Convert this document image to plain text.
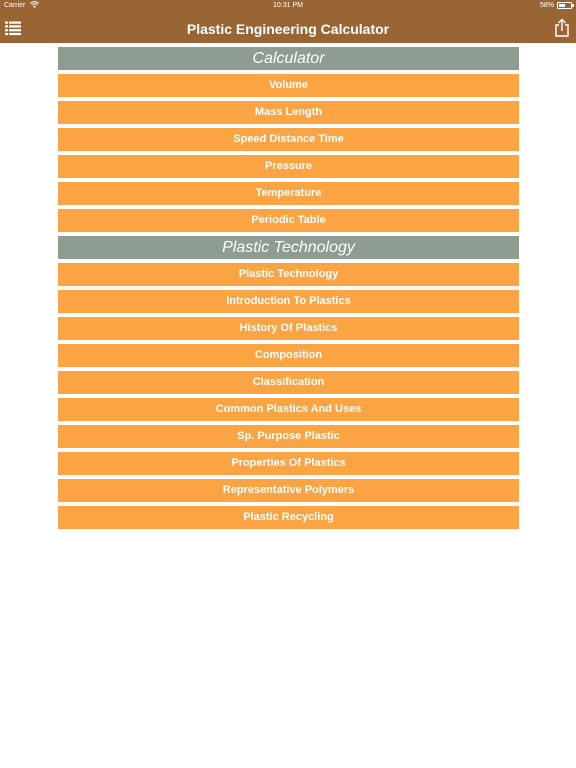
Carrier	10:31 PM	58%
Plastic Engineering Calculator
Calculator
Volume
Mass Length
Speed Distance Time
Pressure
Temperature
Periodic Table
Plastic Technology
Plastic Technology
Introduction To Plastics
History Of Plastics
Composition
Classification
Common Plastics And Uses
Sp. Purpose Plastic
Properties Of Plastics
Representative Polymers
Plastic Recycling
